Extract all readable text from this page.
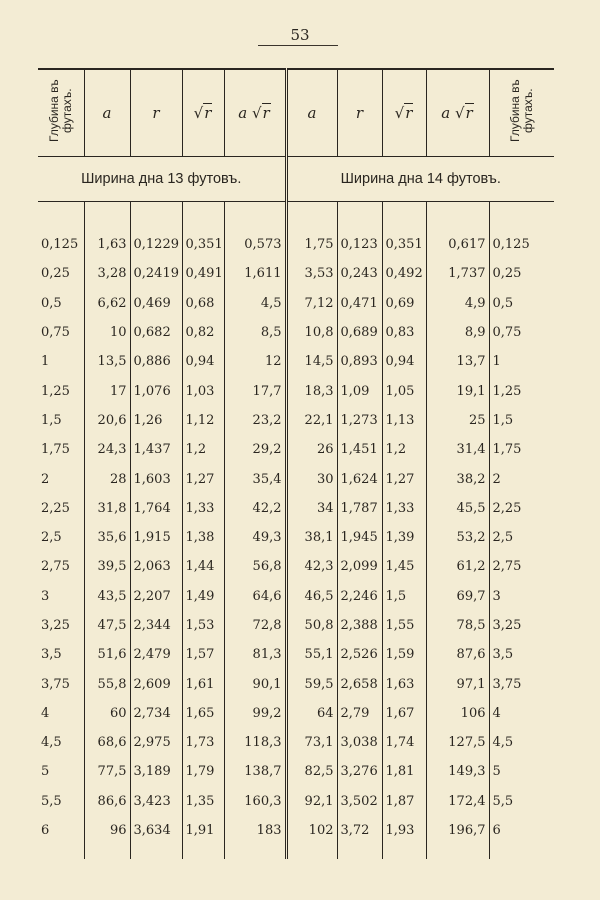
53
Глубина въ футахъ.	a	r	√r	a √r	a	r	√r	a √r	Глубина въ футахъ.
Ширина дна 13 футовъ.					Ширина дна 14 футовъ.				

0,125	1,63	0,1229	0,351	0,573	1,75	0,123	0,351	0,617	0,125
0,25	3,28	0,2419	0,491	1,611	3,53	0,243	0,492	1,737	0,25
0,5	6,62	0,469	0,68	4,5	7,12	0,471	0,69	4,9	0,5
0,75	10	0,682	0,82	8,5	10,8	0,689	0,83	8,9	0,75
1	13,5	0,886	0,94	12	14,5	0,893	0,94	13,7	1
1,25	17	1,076	1,03	17,7	18,3	1,09	1,05	19,1	1,25
1,5	20,6	1,26	1,12	23,2	22,1	1,273	1,13	25	1,5
1,75	24,3	1,437	1,2	29,2	26	1,451	1,2	31,4	1,75
2	28	1,603	1,27	35,4	30	1,624	1,27	38,2	2
2,25	31,8	1,764	1,33	42,2	34	1,787	1,33	45,5	2,25
2,5	35,6	1,915	1,38	49,3	38,1	1,945	1,39	53,2	2,5
2,75	39,5	2,063	1,44	56,8	42,3	2,099	1,45	61,2	2,75
3	43,5	2,207	1,49	64,6	46,5	2,246	1,5	69,7	3
3,25	47,5	2,344	1,53	72,8	50,8	2,388	1,55	78,5	3,25
3,5	51,6	2,479	1,57	81,3	55,1	2,526	1,59	87,6	3,5
3,75	55,8	2,609	1,61	90,1	59,5	2,658	1,63	97,1	3,75
4	60	2,734	1,65	99,2	64	2,79	1,67	106	4
4,5	68,6	2,975	1,73	118,3	73,1	3,038	1,74	127,5	4,5
5	77,5	3,189	1,79	138,7	82,5	3,276	1,81	149,3	5
5,5	86,6	3,423	1,35	160,3	92,1	3,502	1,87	172,4	5,5
6	96	3,634	1,91	183	102	3,72	1,93	196,7	6
